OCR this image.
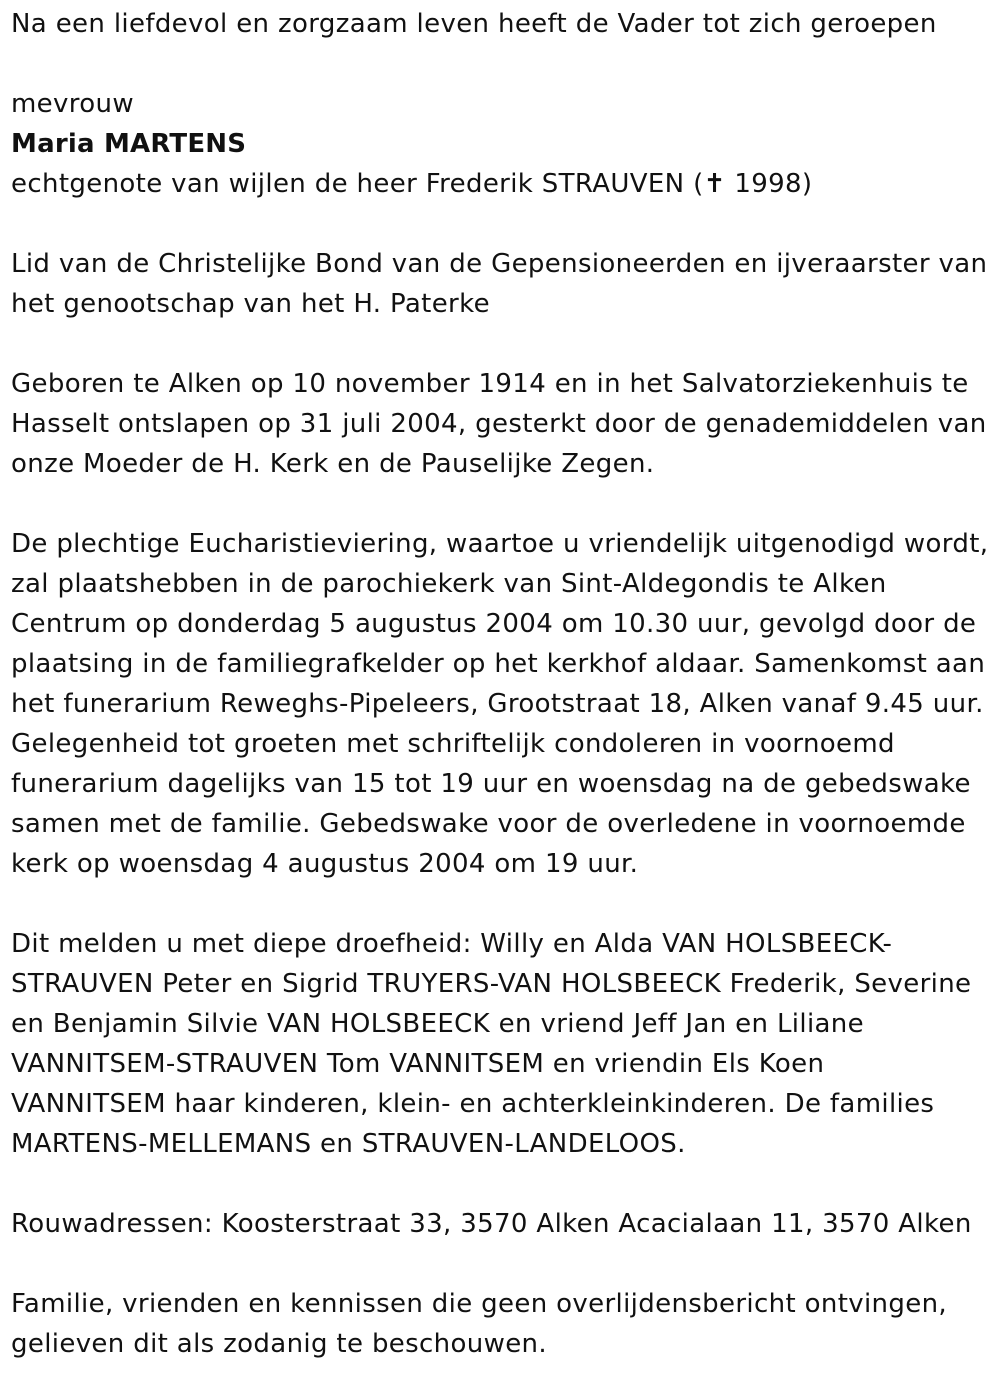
Na een liefdevol en zorgzaam leven heeft de Vader tot zich geroepen
mevrouw
Maria MARTENS
echtgenote van wijlen de heer Frederik STRAUVEN (✝ 1998)
Lid van de Christelijke Bond van de Gepensioneerden en ijveraarster van
het genootschap van het H. Paterke
Geboren te Alken op 10 november 1914 en in het Salvatorziekenhuis te
Hasselt ontslapen op 31 juli 2004, gesterkt door de genademiddelen van
onze Moeder de H. Kerk en de Pauselijke Zegen.
De plechtige Eucharistieviering, waartoe u vriendelijk uitgenodigd wordt,
zal plaatshebben in de parochiekerk van Sint-Aldegondis te Alken
Centrum op donderdag 5 augustus 2004 om 10.30 uur, gevolgd door de
plaatsing in de familiegrafkelder op het kerkhof aldaar. Samenkomst aan
het funerarium Reweghs-Pipeleers, Grootstraat 18, Alken vanaf 9.45 uur.
Gelegenheid tot groeten met schriftelijk condoleren in voornoemd
funerarium dagelijks van 15 tot 19 uur en woensdag na de gebedswake
samen met de familie. Gebedswake voor de overledene in voornoemde
kerk op woensdag 4 augustus 2004 om 19 uur.
Dit melden u met diepe droefheid: Willy en Alda VAN HOLSBEECK-
STRAUVEN Peter en Sigrid TRUYERS-VAN HOLSBEECK Frederik, Severine
en Benjamin Silvie VAN HOLSBEECK en vriend Jeff Jan en Liliane
VANNITSEM-STRAUVEN Tom VANNITSEM en vriendin Els Koen
VANNITSEM haar kinderen, klein- en achterkleinkinderen. De families
MARTENS-MELLEMANS en STRAUVEN-LANDELOOS.
Rouwadressen: Koosterstraat 33, 3570 Alken Acacialaan 11, 3570 Alken
Familie, vrienden en kennissen die geen overlijdensbericht ontvingen,
gelieven dit als zodanig te beschouwen.
